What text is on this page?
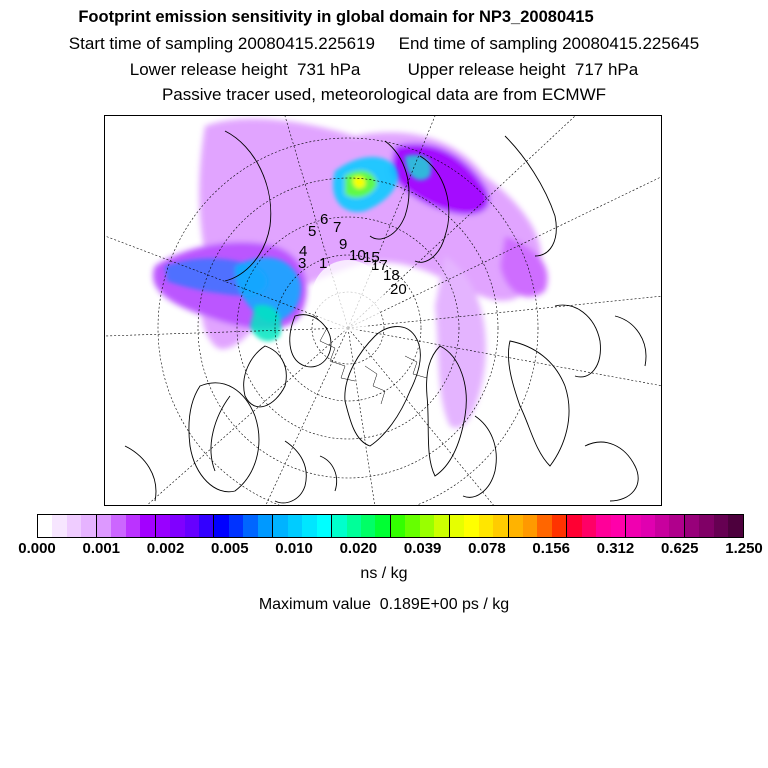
Footprint emission sensitivity in global domain for NP3_20080415
Start time of sampling 20080415.225619     End time of sampling 20080415.225645
Lower release height  731 hPa          Upper release height  717 hPa
Passive tracer used, meteorological data are from ECMWF
5
6 7
4
3 1
9
10
15
17
18
20
0.000 0.001 0.002 0.005 0.010 0.020 0.039 0.078 0.156 0.312 0.625 1.250
ns / kg
Maximum value  0.189E+00 ps / kg
